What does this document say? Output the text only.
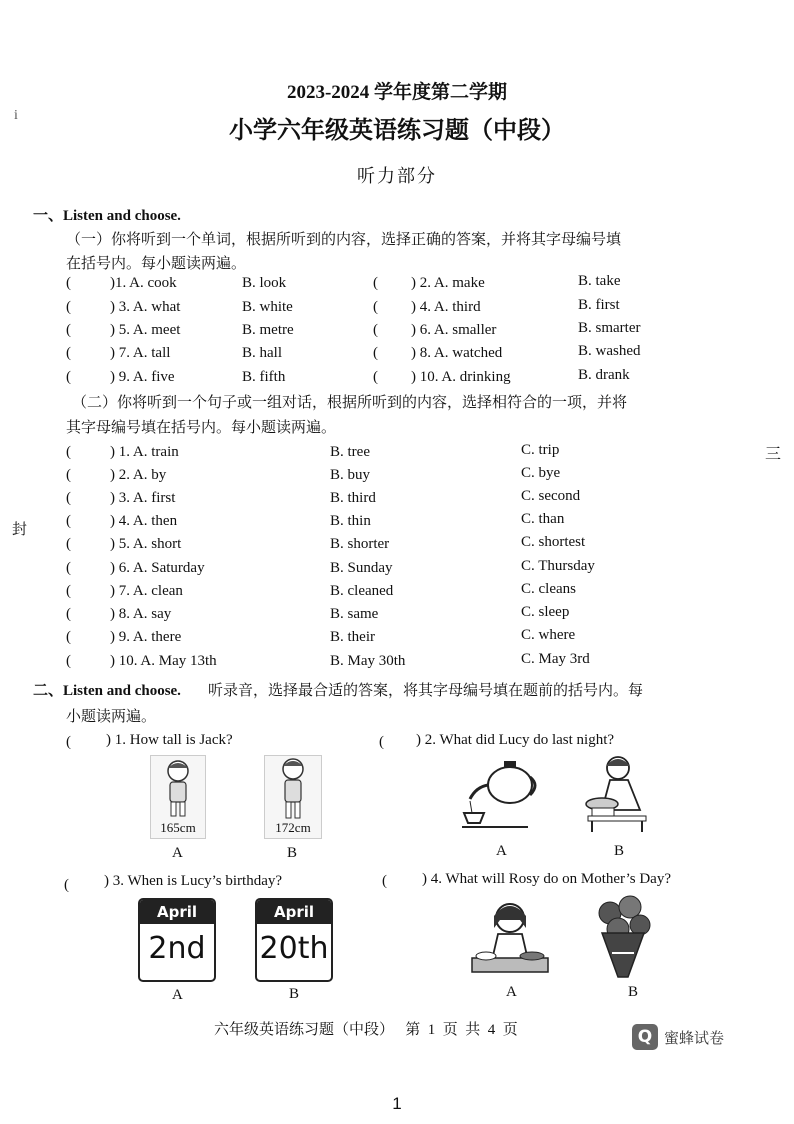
2023-2024 学年度第二学期
小学六年级英语练习题（中段）
听力部分
i
封
三
一、Listen and choose.
（一）你将听到一个单词，根据所听到的内容，选择正确的答案，并将其字母编号填
在括号内。每小题读两遍。
(	)1. A. cook	B. look	( ) 2. A. make	B. take
(	) 3. A. what	B. white	( ) 4. A. third	B. first
(	) 5. A. meet	B. metre	( ) 6. A. smaller	B. smarter
(	) 7. A. tall	B. hall	( ) 8. A. watched	B. washed
(	) 9. A. five	B. fifth	( ) 10. A. drinking	B. drank
（二）你将听到一个句子或一组对话，根据所听到的内容，选择相符合的一项，并将
其字母编号填在括号内。每小题读两遍。
(	) 1. A. train	B. tree	C. trip
(	) 2. A. by	B. buy	C. bye
(	) 3. A. first	B. third	C. second
(	) 4. A. then	B. thin	C. than
(	) 5. A. short	B. shorter	C. shortest
(	) 6. A. Saturday	B. Sunday	C. Thursday
(	) 7. A. clean	B. cleaned	C. cleans
(	) 8. A. say	B. same	C. sleep
(	) 9. A. there	B. their	C. where
(	) 10. A. May 13th	B. May 30th	C. May 3rd
二、Listen and choose. 听录音，选择最合适的答案，将其字母编号填在题前的括号内。每
小题读两遍。
( ) 1. How tall is Jack?
165cm	172cm
A	B
( ) 2. What did Lucy do last night?
A	B
( ) 3. When is Lucy’s birthday?
April
2nd
April
20th
A	B
( ) 4. What will Rosy do on Mother’s Day?
A	B
六年级英语练习题（中段）   第  1  页  共  4  页	Q 蜜蜂试卷
1
